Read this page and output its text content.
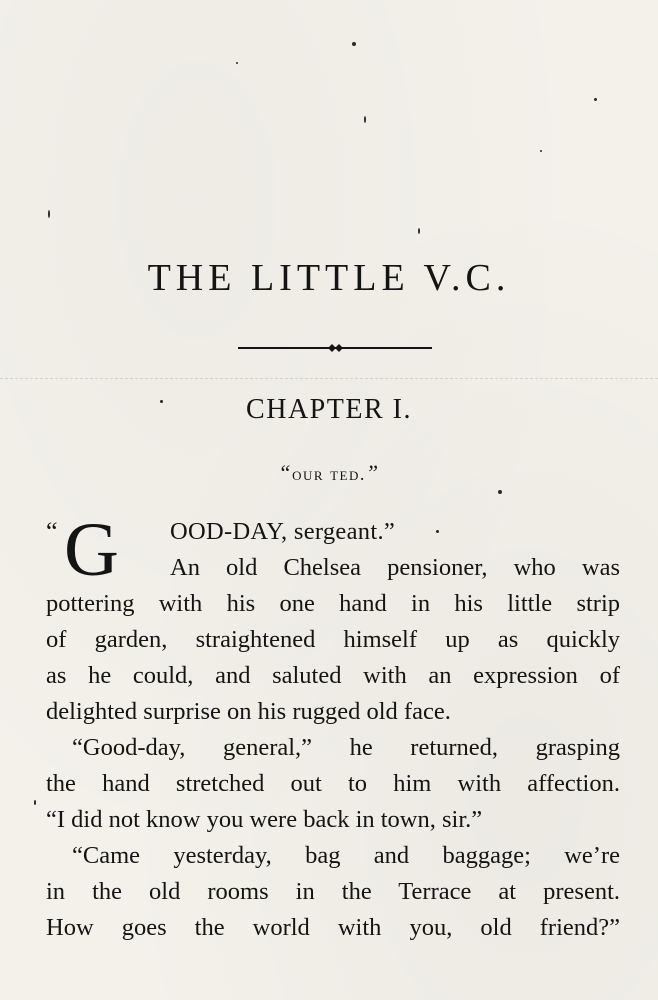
THE LITTLE V.C.
CHAPTER I.
“our ted.”
“ G OOD-DAY, sergeant.”
An old Chelsea pensioner, who was
pottering with his one hand in his little strip
of garden, straightened himself up as quickly
as he could, and saluted with an expression of
delighted surprise on his rugged old face.
“Good-day, general,” he returned, grasping
the hand stretched out to him with affection.
“I did not know you were back in town, sir.”
“Came yesterday, bag and baggage; we’re
in the old rooms in the Terrace at present.
How goes the world with you, old friend?”
